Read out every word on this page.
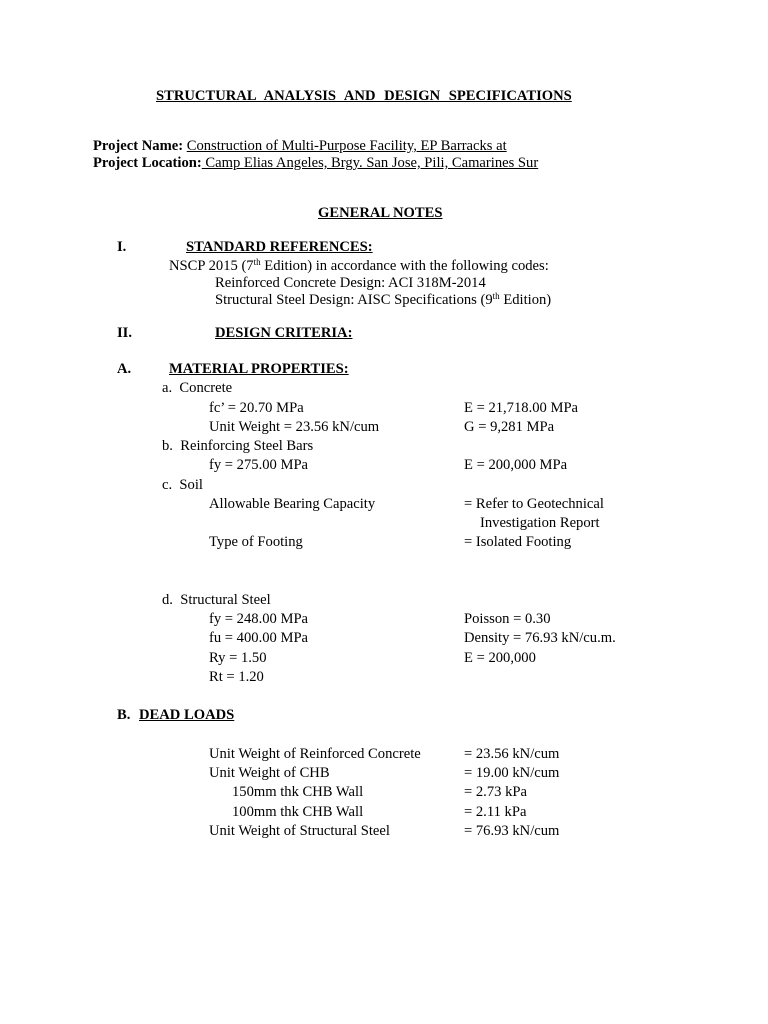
STRUCTURAL ANALYSIS AND DESIGN SPECIFICATIONS
Project Name: Construction of Multi-Purpose Facility, EP Barracks at
Project Location: Camp Elias Angeles, Brgy. San Jose, Pili, Camarines Sur
GENERAL NOTES
I.	STANDARD REFERENCES:
NSCP 2015 (7th Edition) in accordance with the following codes:
Reinforced Concrete Design: ACI 318M-2014
Structural Steel Design: AISC Specifications (9th Edition)
II.	DESIGN CRITERIA:
A.	MATERIAL PROPERTIES:
a.  Concrete
fc’ = 20.70 MPa	E = 21,718.00 MPa
Unit Weight = 23.56 kN/cum	G = 9,281 MPa
b.  Reinforcing Steel Bars
fy = 275.00 MPa	E = 200,000 MPa
c.  Soil
Allowable Bearing Capacity	= Refer to Geotechnical
Investigation Report
Type of Footing	= Isolated Footing
d.  Structural Steel
fy = 248.00 MPa	Poisson = 0.30
fu = 400.00 MPa	Density = 76.93 kN/cu.m.
Ry = 1.50	E = 200,000
Rt = 1.20
B. DEAD LOADS
Unit Weight of Reinforced Concrete	= 23.56 kN/cum
Unit Weight of CHB	= 19.00 kN/cum
150mm thk CHB Wall	= 2.73 kPa
100mm thk CHB Wall	= 2.11 kPa
Unit Weight of Structural Steel	= 76.93 kN/cum
